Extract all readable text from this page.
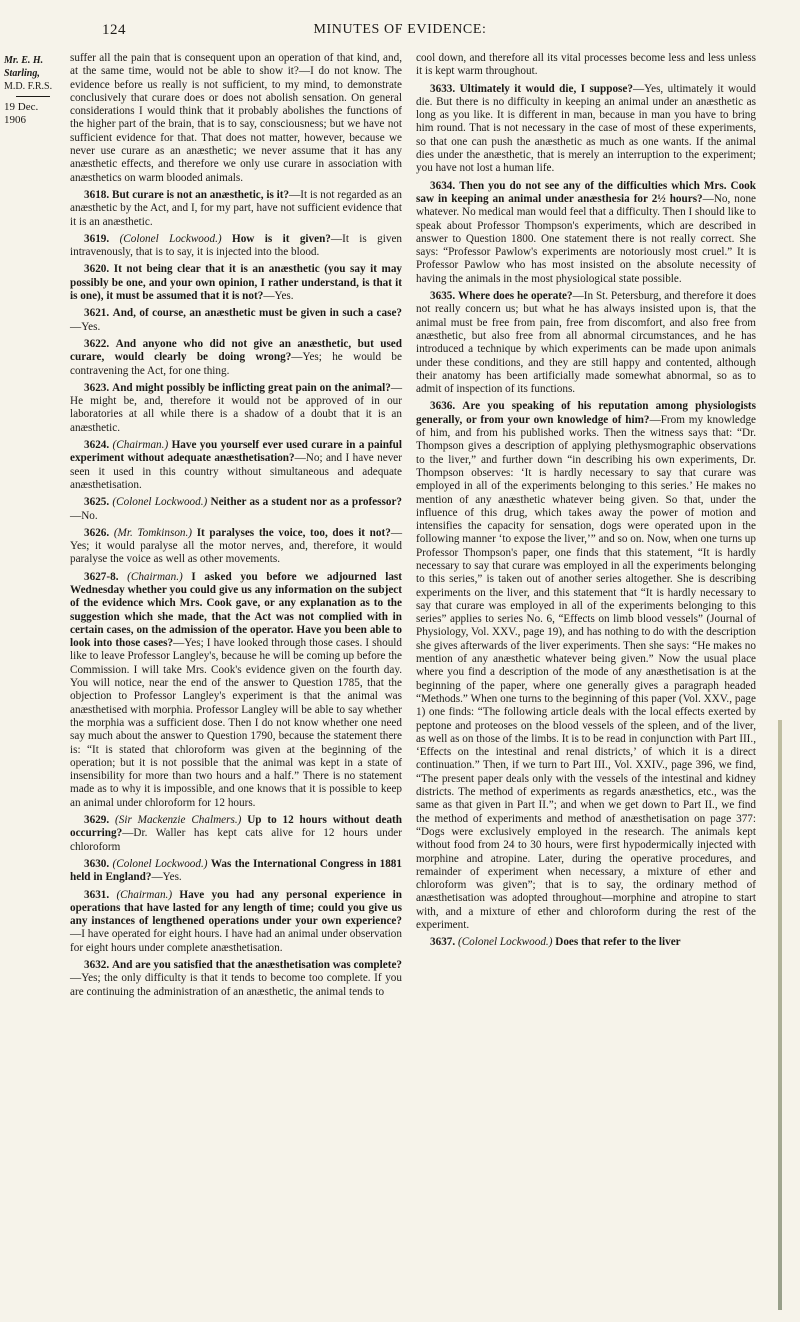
124	MINUTES OF EVIDENCE:
Mr. E. H. Starling,
M.D. F.R.S.
19 Dec. 1906

suffer all the pain that is consequent upon an operation of that kind, and, at the same time, would not be able to show it?—I do not know. The evidence before us really is not sufficient, to my mind, to demonstrate conclusively that curare does or does not abolish sensation. On general considerations I would think that it probably abolishes the functions of the higher part of the brain, that is to say, consciousness; but we have not sufficient evidence for that. That does not matter, however, because we never use curare as an anæsthetic; we never assume that it has any anæsthetic effects, and therefore we only use curare in association with anæsthetics on warm blooded animals.

3618. But curare is not an anæsthetic, is it?—It is not regarded as an anæsthetic by the Act, and I, for my part, have not sufficient evidence that it is an anæsthetic.

3619. (Colonel Lockwood.) How is it given?—It is given intravenously, that is to say, it is injected into the blood.

3620. It not being clear that it is an anæsthetic (you say it may possibly be one, and your own opinion, I rather understand, is that it is one), it must be assumed that it is not?—Yes.

3621. And, of course, an anæsthetic must be given in such a case?—Yes.

3622. And anyone who did not give an anæsthetic, but used curare, would clearly be doing wrong?—Yes; he would be contravening the Act, for one thing.

3623. And might possibly be inflicting great pain on the animal?—He might be, and, therefore it would not be approved of in our laboratories at all while there is a shadow of a doubt that it is an anæsthetic.

3624. (Chairman.) Have you yourself ever used curare in a painful experiment without adequate anæsthetisation?—No; and I have never seen it used in this country without simultaneous and adequate anæsthetisation.

3625. (Colonel Lockwood.) Neither as a student nor as a professor?—No.

3626. (Mr. Tomkinson.) It paralyses the voice, too, does it not?—Yes; it would paralyse all the motor nerves, and, therefore, it would paralyse the voice as well as other movements.

3627-8. (Chairman.) I asked you before we adjourned last Wednesday whether you could give us any information on the subject of the evidence which Mrs. Cook gave, or any explanation as to the suggestion which she made, that the Act was not complied with in certain cases, on the admission of the operator. Have you been able to look into those cases?—Yes; I have looked through those cases. I should like to leave Professor Langley's, because he will be coming up before the Commission. I will take Mrs. Cook's evidence given on the fourth day. You will notice, near the end of the answer to Question 1785, that the objection to Professor Langley's experiment is that the animal was anæsthetised with morphia. Professor Langley will be able to say whether the morphia was a sufficient dose. Then I do not know whether one need say much about the answer to Question 1790, because the statement there is: “It is stated that chloroform was given at the beginning of the operation; but it is not possible that the animal was kept in a state of insensibility for more than two hours and a half.” There is no statement made as to why it is impossible, and one knows that it is possible to keep an animal under chloroform for 12 hours.

3629. (Sir Mackenzie Chalmers.) Up to 12 hours without death occurring?—Dr. Waller has kept cats alive for 12 hours under chloroform

3630. (Colonel Lockwood.) Was the International Congress in 1881 held in England?—Yes.

3631. (Chairman.) Have you had any personal experience in operations that have lasted for any length of time; could you give us any instances of lengthened operations under your own experience?—I have operated for eight hours. I have had an animal under observation for eight hours under complete anæsthetisation.

3632. And are you satisfied that the anæsthetisation was complete?—Yes; the only difficulty is that it tends to become too complete. If you are continuing the administration of an anæsthetic, the animal tends to

cool down, and therefore all its vital processes become less and less unless it is kept warm throughout.

3633. Ultimately it would die, I suppose?—Yes, ultimately it would die. But there is no difficulty in keeping an animal under an anæsthetic as long as you like. It is different in man, because in man you have to bring him round. That is not necessary in the case of most of these experiments, so that one can push the anæsthetic as much as one wants. If the animal dies under the anæsthetic, that is merely an interruption to the experiment; you have not lost a human life.

3634. Then you do not see any of the difficulties which Mrs. Cook saw in keeping an animal under anæsthesia for 2½ hours?—No, none whatever. No medical man would feel that a difficulty. Then I should like to speak about Professor Thompson's experiments, which are described in answer to Question 1800. One statement there is not really correct. She says: “Professor Pawlow's experiments are notoriously most cruel.” It is Professor Pawlow who has most insisted on the absolute necessity of having the animals in the most physiological state possible.

3635. Where does he operate?—In St. Petersburg, and therefore it does not really concern us; but what he has always insisted upon is, that the animal must be free from pain, free from discomfort, and also free from anæsthetic, but also free from all abnormal circumstances, and he has introduced a technique by which experiments can be made upon animals under these conditions, and they are still happy and contented, although their anatomy has been artificially made somewhat abnormal, so as to admit of inspection of its functions.

3636. Are you speaking of his reputation among physiologists generally, or from your own knowledge of him?—From my knowledge of him, and from his published works. Then the witness says that: “Dr. Thompson gives a description of applying plethysmographic observations to the liver,” and further down “in describing his own experiments, Dr. Thompson observes: ‘It is hardly necessary to say that curare was employed in all of the experiments belonging to this series.’ He makes no mention of any anæsthetic whatever being given. So that, under the influence of this drug, which takes away the power of motion and intensifies the capacity for sensation, dogs were operated upon in the following manner ‘to expose the liver,’” and so on. Now, when one turns up Professor Thompson's paper, one finds that this statement, “It is hardly necessary to say that curare was employed in all the experiments belonging to this series,” is taken out of another series altogether. She is describing experiments on the liver, and this statement that “It is hardly necessary to say that curare was employed in all of the experiments belonging to this series” applies to series No. 6, “Effects on limb blood vessels” (Journal of Physiology, Vol. XXV., page 19), and has nothing to do with the description she gives afterwards of the liver experiments. Then she says: “He makes no mention of any anæsthetic whatever being given.” Now the usual place where you find a description of the mode of any anæsthetisation is at the beginning of the paper, where one generally gives a paragraph headed “Methods.” When one turns to the beginning of this paper (Vol. XXV., page 1) one finds: “The following article deals with the local effects exerted by peptone and proteoses on the blood vessels of the spleen, and of the liver, as well as on those of the limbs. It is to be read in conjunction with Part III., ‘Effects on the intestinal and renal districts,’ of which it is a direct continuation.” Then, if we turn to Part III., Vol. XXIV., page 396, we find, “The present paper deals only with the vessels of the intestinal and kidney districts. The method of experiments as regards anæsthetics, etc., was the same as that given in Part II.”; and when we get down to Part II., we find the method of experiments and method of anæsthetisation on page 377: “Dogs were exclusively employed in the research. The animals kept without food from 24 to 30 hours, were first hypodermically injected with morphine and atropine. Later, during the operative procedures, and remainder of experiment when necessary, a mixture of ether and chloroform was given”; that is to say, the ordinary method of anæsthetisation was adopted throughout—morphine and atropine to start with, and a mixture of ether and chloroform during the rest of the experiment.

3637. (Colonel Lockwood.) Does that refer to the liver
